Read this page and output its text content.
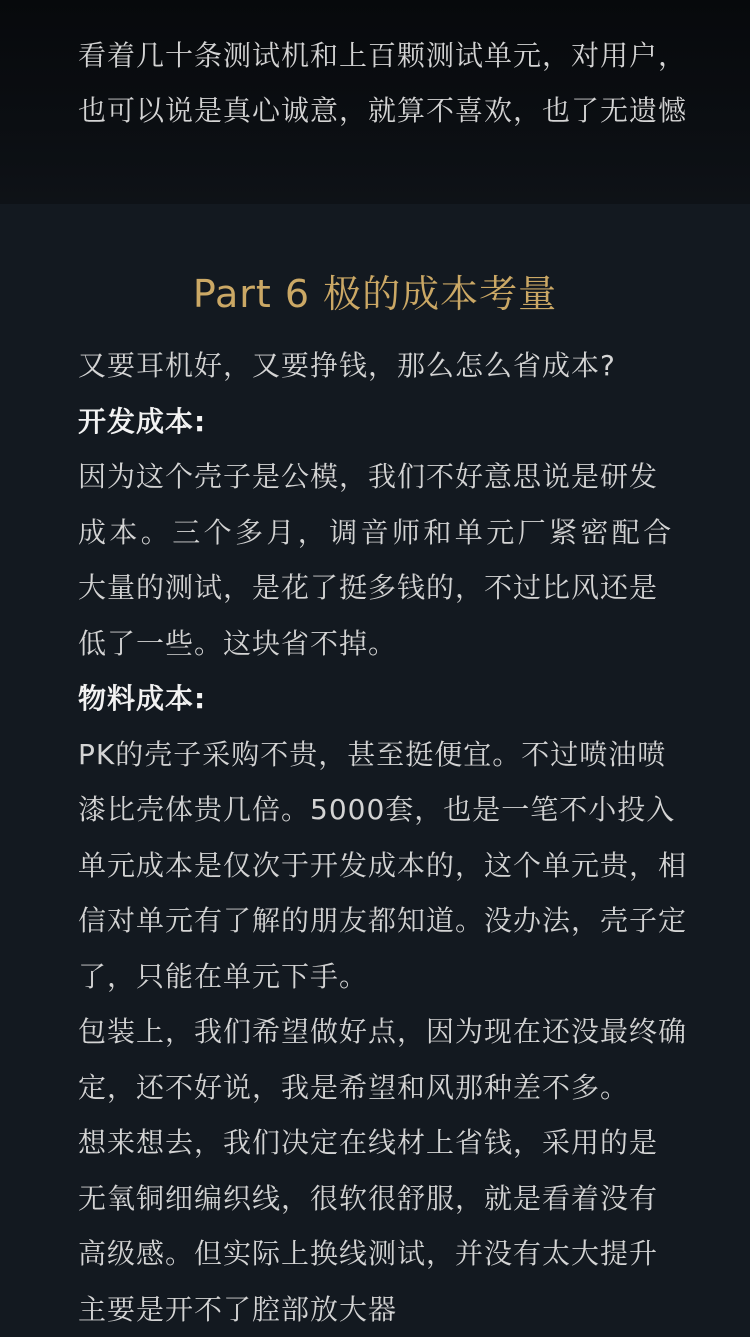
看着几十条测试机和上百颗测试单元，对用户，

也可以说是真心诚意，就算不喜欢，也了无遗憾

Part 6 极的成本考量

又要耳机好，又要挣钱，那么怎么省成本?

开发成本:

因为这个壳子是公模，我们不好意思说是研发

成本。三个多月，调音师和单元厂紧密配合

大量的测试，是花了挺多钱的，不过比风还是

低了一些。这块省不掉。

物料成本:

PK的壳子采购不贵，甚至挺便宜。不过喷油喷

漆比壳体贵几倍。5000套，也是一笔不小投入

单元成本是仅次于开发成本的，这个单元贵，相

信对单元有了解的朋友都知道。没办法，壳子定

了，只能在单元下手。

包装上，我们希望做好点，因为现在还没最终确

定，还不好说，我是希望和风那种差不多。

想来想去，我们决定在线材上省钱，采用的是

无氧铜细编织线，很软很舒服，就是看着没有

高级感。但实际上换线测试，并没有太大提升

主要是开不了腔部放大器
